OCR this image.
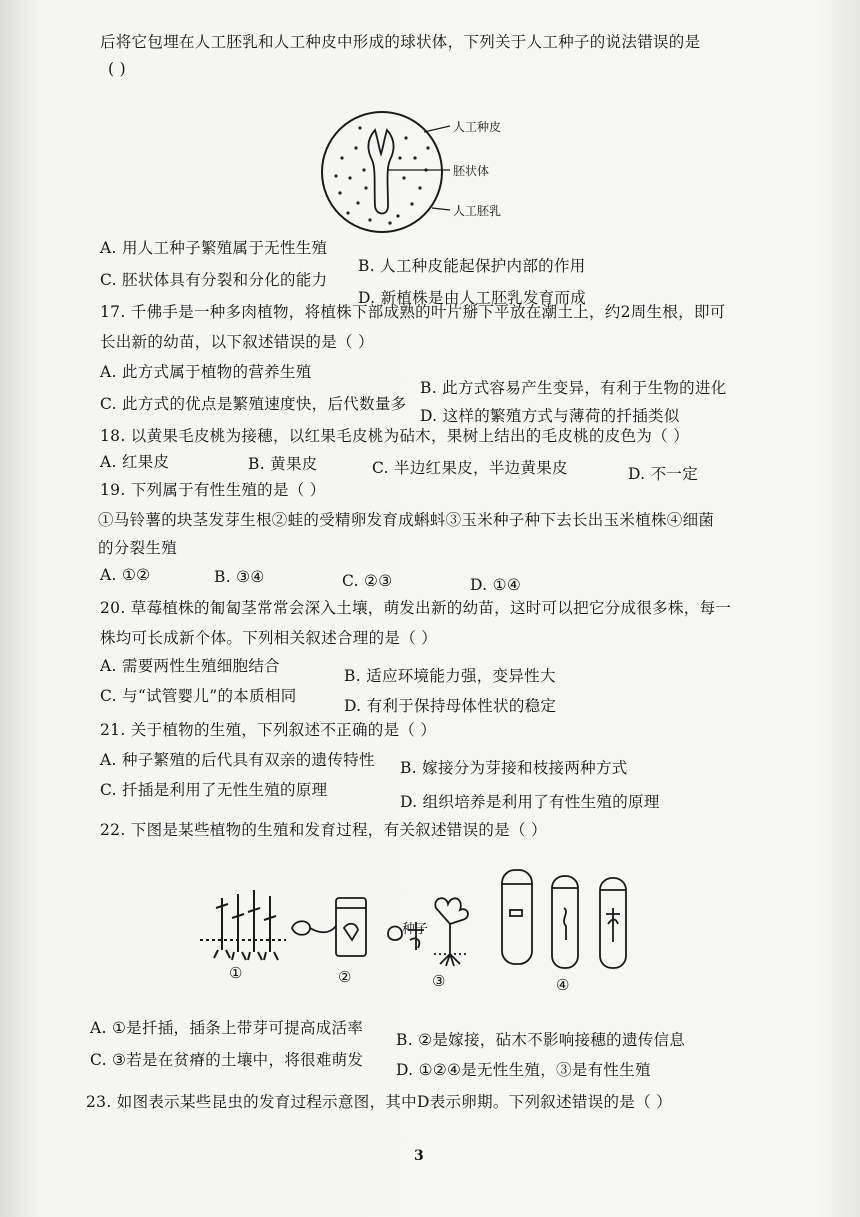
后将它包埋在人工胚乳和人工种皮中形成的球状体，下列关于人工种子的说法错误的是
( )
人工种皮
胚状体
人工胚乳
A. 用人工种子繁殖属于无性生殖
B. 人工种皮能起保护内部的作用
C. 胚状体具有分裂和分化的能力
D. 新植株是由人工胚乳发育而成
17. 千佛手是一种多肉植物，将植株下部成熟的叶片掰下平放在潮土上，约2周生根，即可
长出新的幼苗，以下叙述错误的是（ ）
A. 此方式属于植物的营养生殖
B. 此方式容易产生变异，有利于生物的进化
C. 此方式的优点是繁殖速度快，后代数量多
D. 这样的繁殖方式与薄荷的扦插类似
18. 以黄果毛皮桃为接穗，以红果毛皮桃为砧木，果树上结出的毛皮桃的皮色为（ ）
A. 红果皮	B. 黄果皮	C. 半边红果皮，半边黄果皮	D. 不一定
19. 下列属于有性生殖的是（ ）
①马铃薯的块茎发芽生根②蛙的受精卵发育成蝌蚪③玉米种子种下去长出玉米植株④细菌
的分裂生殖
A. ①②	B. ③④	C. ②③	D. ①④
20. 草莓植株的匍匐茎常常会深入土壤，萌发出新的幼苗，这时可以把它分成很多株，每一
株均可长成新个体。下列相关叙述合理的是（ ）
A. 需要两性生殖细胞结合
B. 适应环境能力强，变异性大
C. 与“试管婴儿”的本质相同
D. 有利于保持母体性状的稳定
21. 关于植物的生殖，下列叙述不正确的是（ ）
A. 种子繁殖的后代具有双亲的遗传特性 B. 嫁接分为芽接和枝接两种方式
C. 扦插是利用了无性生殖的原理
D. 组织培养是利用了有性生殖的原理
22. 下图是某些植物的生殖和发育过程，有关叙述错误的是（ ）
种子
①	②	③	④
A. ①是扦插，插条上带芽可提高成活率
B. ②是嫁接，砧木不影响接穗的遗传信息
C. ③若是在贫瘠的土壤中，将很难萌发
D. ①②④是无性生殖，③是有性生殖
23. 如图表示某些昆虫的发育过程示意图，其中D表示卵期。下列叙述错误的是（ ）
3
